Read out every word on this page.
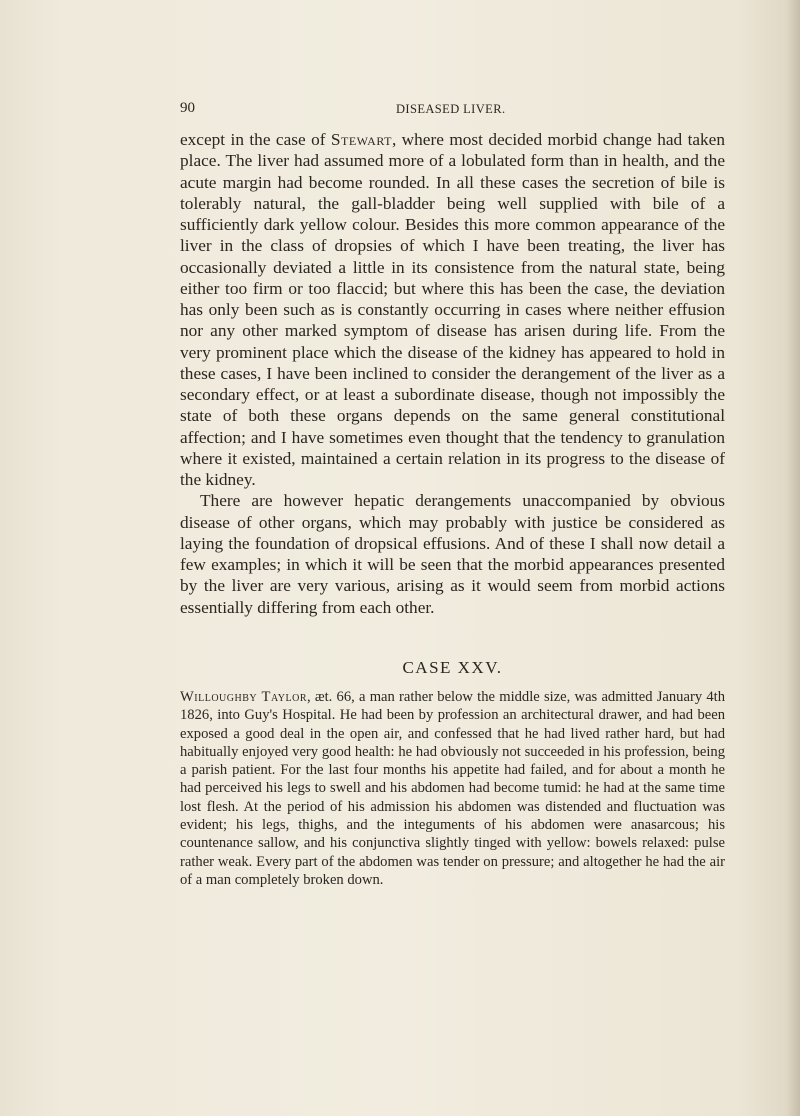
90	DISEASED LIVER.

except in the case of Stewart, where most decided morbid change had taken place. The liver had assumed more of a lobulated form than in health, and the acute margin had become rounded. In all these cases the secretion of bile is tolerably natural, the gall-bladder being well supplied with bile of a sufficiently dark yellow colour. Besides this more common appearance of the liver in the class of dropsies of which I have been treating, the liver has occasionally deviated a little in its consistence from the natural state, being either too firm or too flaccid; but where this has been the case, the deviation has only been such as is constantly occurring in cases where neither effusion nor any other marked symptom of disease has arisen during life. From the very prominent place which the disease of the kidney has appeared to hold in these cases, I have been inclined to consider the derangement of the liver as a secondary effect, or at least a subordinate disease, though not impossibly the state of both these organs depends on the same general constitutional affection; and I have sometimes even thought that the tendency to granulation where it existed, maintained a certain relation in its progress to the disease of the kidney.

There are however hepatic derangements unaccompanied by obvious disease of other organs, which may probably with justice be considered as laying the foundation of dropsical effusions. And of these I shall now detail a few examples; in which it will be seen that the morbid appearances presented by the liver are very various, arising as it would seem from morbid actions essentially differing from each other.

CASE XXV.

Willoughby Taylor, æt. 66, a man rather below the middle size, was admitted January 4th 1826, into Guy's Hospital. He had been by profession an architectural drawer, and had been exposed a good deal in the open air, and confessed that he had lived rather hard, but had habitually enjoyed very good health: he had obviously not succeeded in his profession, being a parish patient. For the last four months his appetite had failed, and for about a month he had perceived his legs to swell and his abdomen had become tumid: he had at the same time lost flesh. At the period of his admission his abdomen was distended and fluctuation was evident; his legs, thighs, and the integuments of his abdomen were anasarcous; his countenance sallow, and his conjunctiva slightly tinged with yellow: bowels relaxed: pulse rather weak. Every part of the abdomen was tender on pressure; and altogether he had the air of a man completely broken down.
